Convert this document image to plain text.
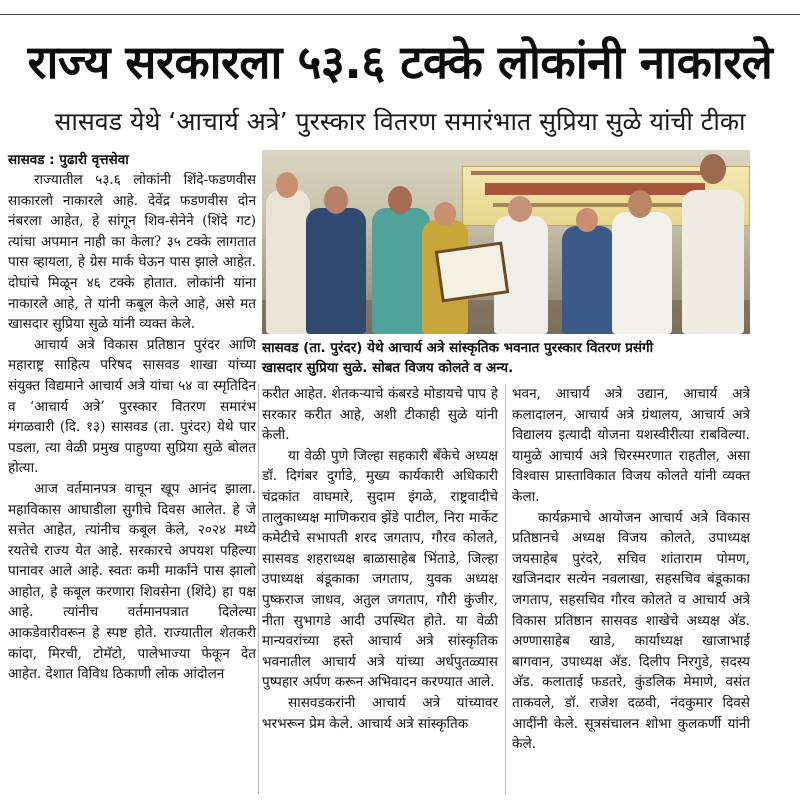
राज्य सरकारला ५३.६ टक्के लोकांनी नाकारले
सासवड येथे ‘आचार्य अत्रे’ पुरस्कार वितरण समारंभात सुप्रिया सुळे यांची टीका
सासवड : पुढारी वृत्तसेवा
सासवड (ता. पुरंदर) येथे आचार्य अत्रे सांस्कृतिक भवनात पुरस्कार वितरण प्रसंगी
खासदार सुप्रिया सुळे. सोबत विजय कोलते व अन्य.

राज्यातील ५३.६ लोकांनी शिंदे-फडणवीस साकारलो नाकारले आहे. देवेंद्र फडणवीस दोन नंबरला आहेत, हे सांगून शिव-सेनेने (शिंदे गट) त्यांचा अपमान नाही का केला? ३५ टक्के लागतात पास व्हायला, हे ग्रेस मार्क घेऊन पास झाले आहेत. दोघांचे मिळून ४६ टक्के होतात. लोकांनी यांना नाकारले आहे, ते यांनी कबूल केले आहे, असे मत खासदार सुप्रिया सुळे यांनी व्यक्त केले.

आचार्य अत्रे विकास प्रतिष्ठान पुरंदर आणि महाराष्ट्र साहित्य परिषद सासवड शाखा यांच्या संयुक्त विद्यमाने आचार्य अत्रे यांचा ५४ वा स्मृतिदिन व ‘आचार्य अत्रे’ पुरस्कार वितरण समारंभ मंगळवारी (दि. १३) सासवड (ता. पुरंदर) येथे पार पडला, त्या वेळी प्रमुख पाहुण्या सुप्रिया सुळे बोलत होत्या.

आज वर्तमानपत्र वाचून खूप आनंद झाला. महाविकास आघाडीला सुगीचे दिवस आलेत. हे जे सत्तेत आहेत, त्यांनीच कबूल केले, २०२४ मध्ये रयतेचे राज्य येत आहे. सरकारचे अपयश पहिल्या पानावर आले आहे. स्वतः कमी मार्कांने पास झालो आहोत, हे कबूल करणारा शिवसेना (शिंदे) हा पक्ष आहे. त्यांनीच वर्तमानपत्रात दिलेल्या आकडेवारीवरून हे स्पष्ट होते. राज्यातील शेतकरी कांदा, मिरची, टोमॅटो, पालेभाज्या फेकून देत आहेत. देशात विविध ठिकाणी लोक आंदोलन

करीत आहेत. शेतकऱ्याचे कंबरडे मोडायचे पाप हे सरकार करीत आहे, अशी टीकाही सुळे यांनी केली.

या वेळी पुणे जिल्हा सहकारी बँकेचे अध्यक्ष डॉ. दिगंबर दुर्गाडे, मुख्य कार्यकारी अधिकारी चंद्रकांत वाघमारे, सुदाम इंगळे, राष्ट्रवादीचे तालुकाध्यक्ष माणिकराव झेंडे पाटील, निरा मार्केट कमेटीचे सभापती शरद जगताप, गौरव कोलते, सासवड शहराध्यक्ष बाळासाहेब भिंताडे, जिल्हा उपाध्यक्ष बंडूकाका जगताप, युवक अध्यक्ष पुष्कराज जाधव, अतुल जगताप, गौरी कुंजीर, नीता सुभागडे आदी उपस्थित होते. या वेळी मान्यवरांच्या हस्ते आचार्य अत्रे सांस्कृतिक भवनातील आचार्य अत्रे यांच्या अर्धपुतळ्यास पुष्पहार अर्पण करून अभिवादन करण्यात आले.

सासवडकरांनी आचार्य अत्रे यांच्यावर भरभरून प्रेम केले. आचार्य अत्रे सांस्कृतिक

भवन, आचार्य अत्रे उद्यान, आचार्य अत्रे कलादालन, आचार्य अत्रे ग्रंथालय, आचार्य अत्रे विद्यालय इत्यादी योजना यशस्वीरीत्या राबविल्या. यामुळे आचार्य अत्रे चिरस्मरणात राहतील, असा विश्वास प्रास्ताविकात विजय कोलते यांनी व्यक्त केला.

कार्यक्रमाचे आयोजन आचार्य अत्रे विकास प्रतिष्ठानचे अध्यक्ष विजय कोलते, उपाध्यक्ष जयसाहेब पुरंदरे, सचिव शांताराम पोमण, खजिनदार सत्येन नवलाखा, सहसचिव बंडूकाका जगताप, सहसचिव गौरव कोलते व आचार्य अत्रे विकास प्रतिष्ठान सासवड शाखेचे अध्यक्ष अ‍ॅड. अण्णासाहेब खाडे, कार्याध्यक्ष खाजाभाई बागवान, उपाध्यक्ष अ‍ॅड. दिलीप निरगुडे, सदस्य अ‍ॅड. कलाताई फडतरे, कुंडलिक मेमाणे, वसंत ताकवले, डॉ. राजेश दळवी, नंदकुमार दिवसे आदींनी केले. सूत्रसंचालन शोभा कुलकर्णी यांनी केले.
